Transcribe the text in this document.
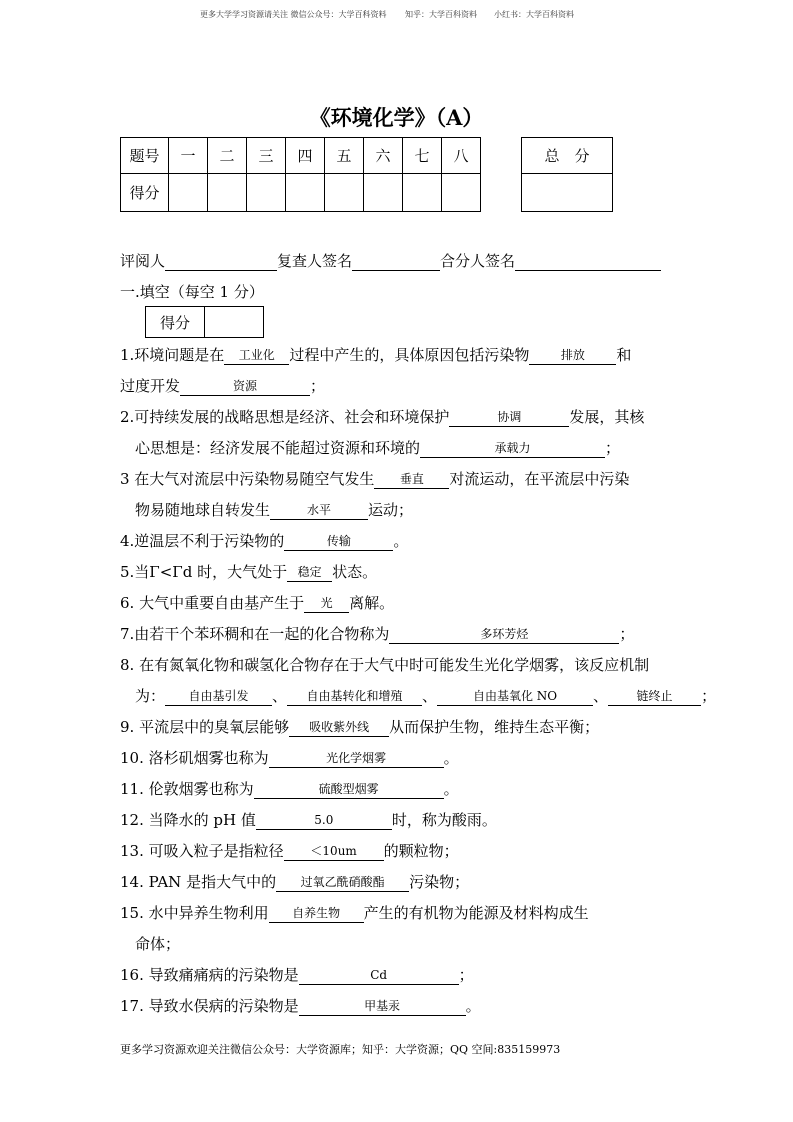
更多大学学习资源请关注 微信公众号：大学百科资料 知乎：大学百科资料 小红书：大学百科资料
《环境化学》（A）
题号	一	二	三	四	五	六	七	八
得分								
总　分

评阅人	复查人签名	合分人签名
一.填空（每空 1 分）
得分	
1.环境问题是在 工业化 过程中产生的，具体原因包括污染物	排放 和
过度开发	资源	；
2.可持续发展的战略思想是经济、社会和环境保护	协调	发展，其核
　心思想是：经济发展不能超过资源和环境的	承载力	；
3 在大气对流层中污染物易随空气发生 垂直 对流运动，在平流层中污染
　物易随地球自转发生	水平 运动；
4.逆温层不利于污染物的	传输	。
5.当Γ<Γd 时，大气处于 稳定 状态。
6. 大气中重要自由基产生于 光 离解。
7.由若干个苯环稠和在一起的化合物称为	多环芳烃	；
8. 在有氮氧化物和碳氢化合物存在于大气中时可能发生光化学烟雾，该反应机制
　为： 自由基引发 、 自由基转化和增殖 、	自由基氧化 NO 、 链终止 ；
9. 平流层中的臭氧层能够 吸收紫外线 从而保护生物，维持生态平衡；
10. 洛杉矶烟雾也称为	光化学烟雾	。
11. 伦敦烟雾也称为	硫酸型烟雾	。
12. 当降水的 pH 值	5.0	时，称为酸雨。
13. 可吸入粒子是指粒径 ＜10um 的颗粒物；
14. PAN 是指大气中的 过氧乙酰硝酸酯 污染物；
15. 水中异养生物利用 自养生物 产生的有机物为能源及材料构成生
　命体；
16. 导致痛痛病的污染物是	Cd	；
17. 导致水俣病的污染物是	甲基汞	。
更多学习资源欢迎关注微信公众号：大学资源库；知乎：大学资源；QQ 空间:835159973
